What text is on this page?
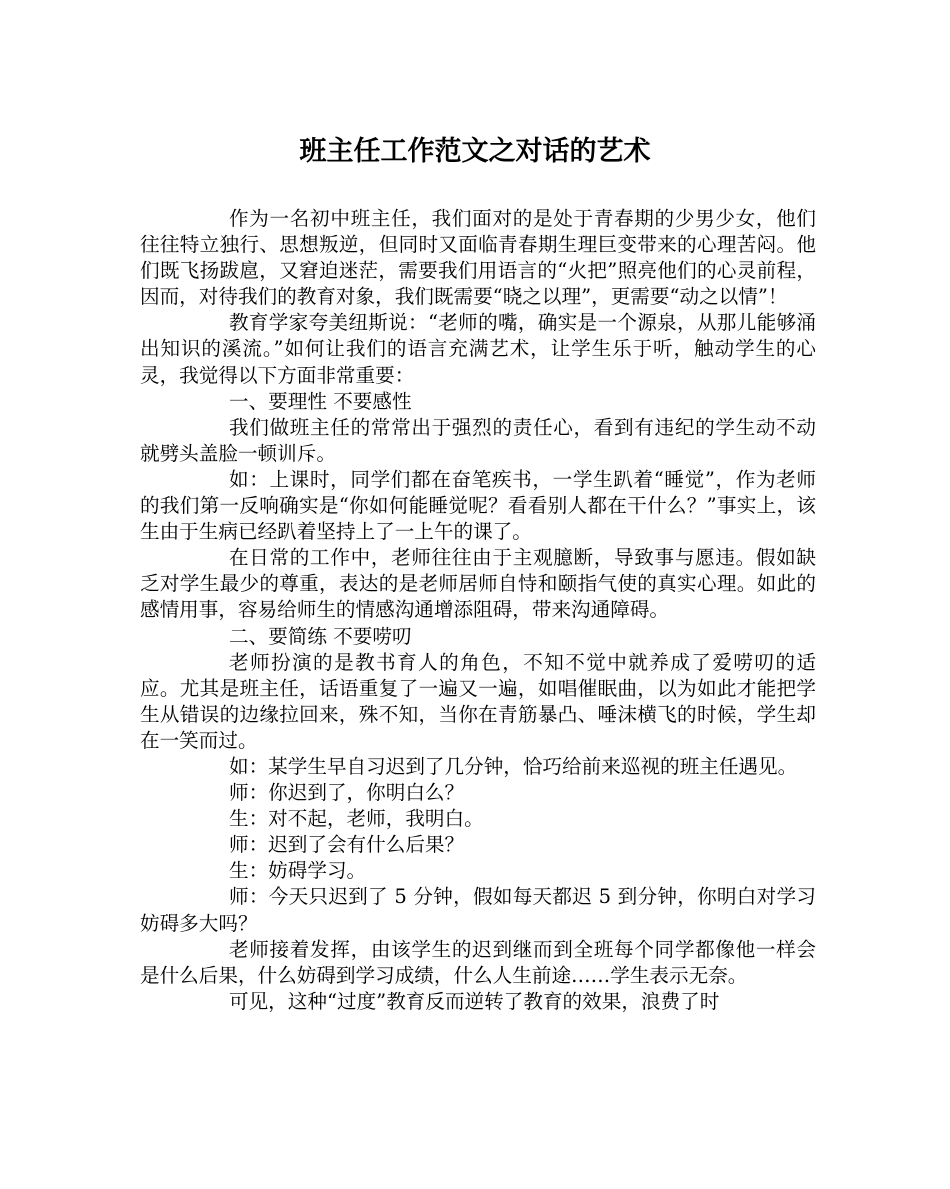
班主任工作范文之对话的艺术

作为一名初中班主任，我们面对的是处于青春期的少男少女，他们往往特立独行、思想叛逆，但同时又面临青春期生理巨变带来的心理苦闷。他们既飞扬跋扈，又窘迫迷茫，需要我们用语言的“火把”照亮他们的心灵前程，因而，对待我们的教育对象，我们既需要“晓之以理”，更需要“动之以情”！

教育学家夸美纽斯说：“老师的嘴，确实是一个源泉，从那儿能够涌出知识的溪流。”如何让我们的语言充满艺术，让学生乐于听，触动学生的心灵，我觉得以下方面非常重要：

一、要理性 不要感性

我们做班主任的常常出于强烈的责任心，看到有违纪的学生动不动就劈头盖脸一顿训斥。

如：上课时，同学们都在奋笔疾书，一学生趴着“睡觉”，作为老师的我们第一反响确实是“你如何能睡觉呢？看看别人都在干什么？”事实上，该生由于生病已经趴着坚持上了一上午的课了。

在日常的工作中，老师往往由于主观臆断，导致事与愿违。假如缺乏对学生最少的尊重，表达的是老师居师自恃和颐指气使的真实心理。如此的感情用事，容易给师生的情感沟通增添阻碍，带来沟通障碍。

二、要简练 不要唠叨

老师扮演的是教书育人的角色，不知不觉中就养成了爱唠叨的适应。尤其是班主任，话语重复了一遍又一遍，如唱催眠曲，以为如此才能把学生从错误的边缘拉回来，殊不知，当你在青筋暴凸、唾沫横飞的时候，学生却在一笑而过。

如：某学生早自习迟到了几分钟，恰巧给前来巡视的班主任遇见。

师：你迟到了，你明白么？

生：对不起，老师，我明白。

师：迟到了会有什么后果？

生：妨碍学习。

师：今天只迟到了 5 分钟，假如每天都迟 5 到分钟，你明白对学习妨碍多大吗？

老师接着发挥，由该学生的迟到继而到全班每个同学都像他一样会是什么后果，什么妨碍到学习成绩，什么人生前途……学生表示无奈。

可见，这种“过度”教育反而逆转了教育的效果，浪费了时
